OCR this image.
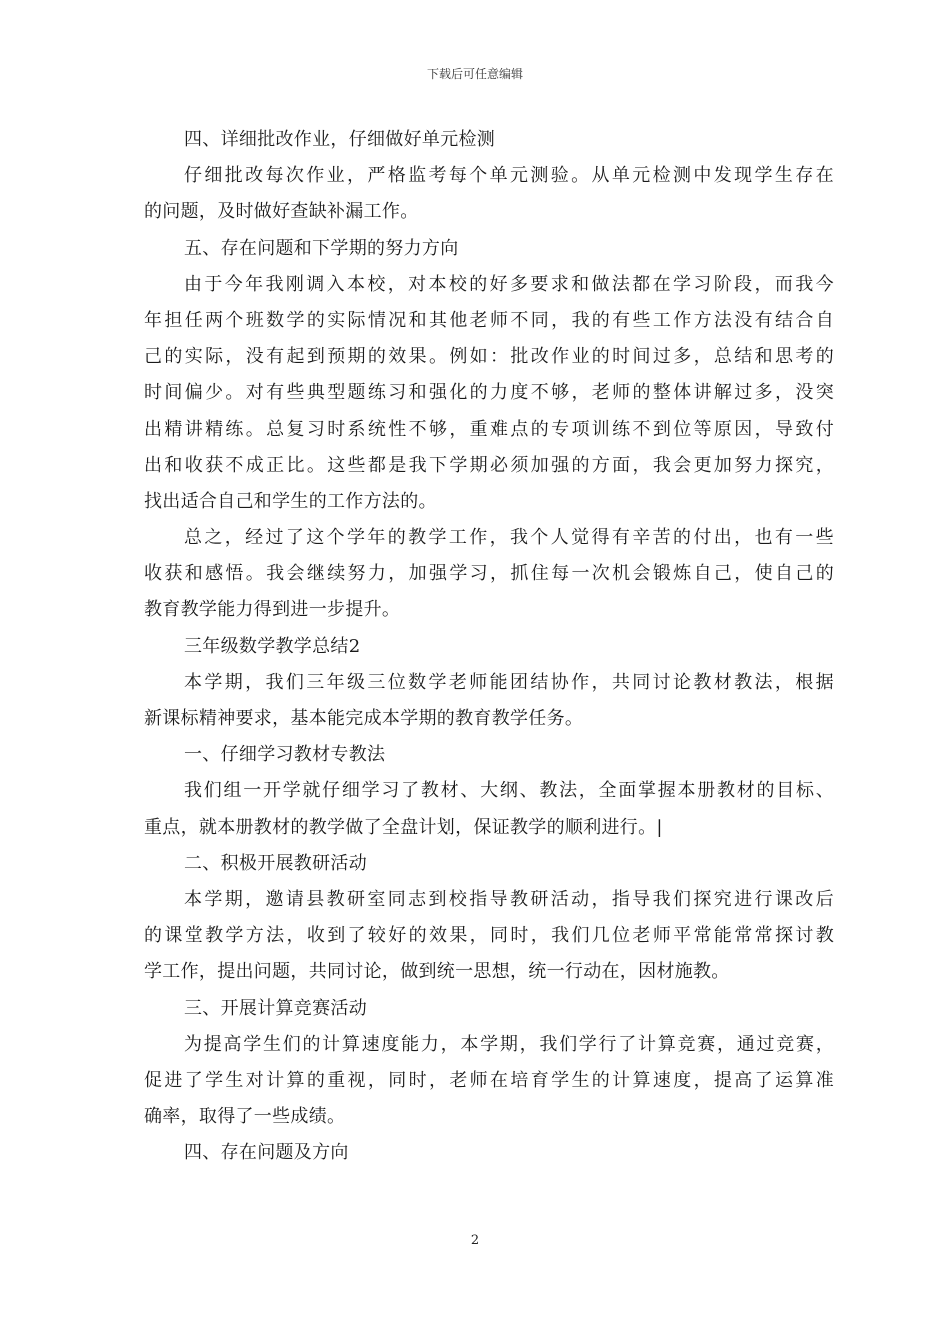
下载后可任意编辑
四、详细批改作业，仔细做好单元检测
仔细批改每次作业，严格监考每个单元测验。从单元检测中发现学生存在
的问题，及时做好查缺补漏工作。
五、存在问题和下学期的努力方向
由于今年我刚调入本校，对本校的好多要求和做法都在学习阶段，而我今
年担任两个班数学的实际情况和其他老师不同，我的有些工作方法没有结合自
己的实际，没有起到预期的效果。例如：批改作业的时间过多，总结和思考的
时间偏少。对有些典型题练习和强化的力度不够，老师的整体讲解过多，没突
出精讲精练。总复习时系统性不够，重难点的专项训练不到位等原因，导致付
出和收获不成正比。这些都是我下学期必须加强的方面，我会更加努力探究，
找出适合自己和学生的工作方法的。
总之，经过了这个学年的教学工作，我个人觉得有辛苦的付出，也有一些
收获和感悟。我会继续努力，加强学习，抓住每一次机会锻炼自己，使自己的
教育教学能力得到进一步提升。
三年级数学教学总结2
本学期，我们三年级三位数学老师能团结协作，共同讨论教材教法，根据
新课标精神要求，基本能完成本学期的教育教学任务。
一、仔细学习教材专教法
我们组一开学就仔细学习了教材、大纲、教法，全面掌握本册教材的目标、
重点，就本册教材的教学做了全盘计划，保证教学的顺利进行。|
二、积极开展教研活动
本学期，邀请县教研室同志到校指导教研活动，指导我们探究进行课改后
的课堂教学方法，收到了较好的效果，同时，我们几位老师平常能常常探讨教
学工作，提出问题，共同讨论，做到统一思想，统一行动在，因材施教。
三、开展计算竞赛活动
为提高学生们的计算速度能力，本学期，我们学行了计算竞赛，通过竞赛，
促进了学生对计算的重视，同时，老师在培育学生的计算速度，提高了运算准
确率，取得了一些成绩。
四、存在问题及方向
2
